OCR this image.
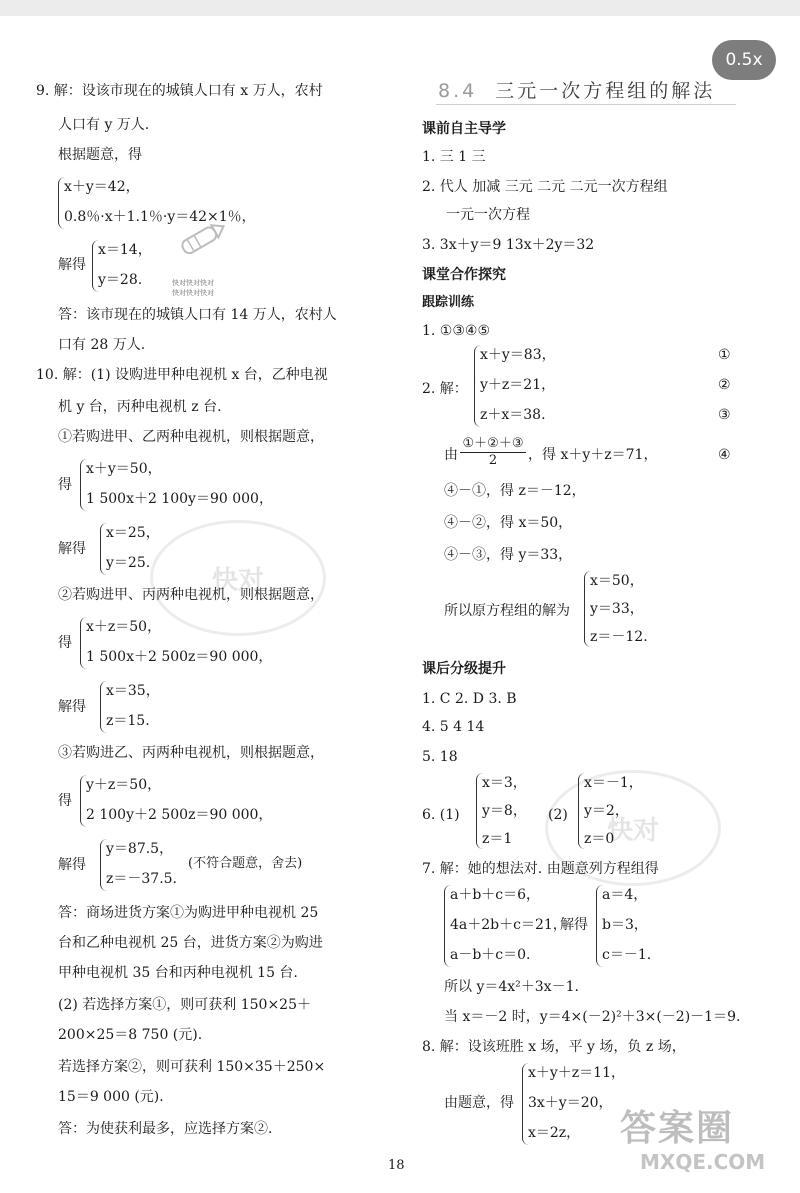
0.5x
快对
快对
快对快对快对
快对快对快对
9. 解：设该市现在的城镇人口有 x 万人，农村
人口有 y 万人.
根据题意，得
x＋y＝42，
0.8％·x＋1.1％·y＝42×1％，
解得
x＝14，
y＝28.
答：该市现在的城镇人口有 14 万人，农村人
口有 28 万人.
10. 解：(1) 设购进甲种电视机 x 台，乙种电视
机 y 台，丙种电视机 z 台.
①若购进甲、乙两种电视机，则根据题意，
得
x＋y＝50，
1 500x＋2 100y＝90 000，
解得
x＝25，
y＝25.
②若购进甲、丙两种电视机，则根据题意，
得
x＋z＝50，
1 500x＋2 500z＝90 000，
解得
x＝35，
z＝15.
③若购进乙、丙两种电视机，则根据题意，
得
y＋z＝50，
2 100y＋2 500z＝90 000，
解得
y＝87.5，
z＝－37.5.
(不符合题意，舍去)
答：商场进货方案①为购进甲种电视机 25
台和乙种电视机 25 台，进货方案②为购进
甲种电视机 35 台和丙种电视机 15 台.
(2) 若选择方案①，则可获利 150×25＋
200×25＝8 750 (元).
若选择方案②，则可获利 150×35＋250×
15＝9 000 (元).
答：为使获利最多，应选择方案②.
8.4 三元一次方程组的解法
课前自主导学
1. 三 1 三
2. 代人 加减 三元 二元 二元一次方程组
一元一次方程
3. 3x＋y＝9 13x＋2y＝32
课堂合作探究
跟踪训练
1. ①③④⑤
2. 解：
x＋y＝83，
y＋z＝21，
z＋x＝38.
①
②
③
由
①＋②＋③
2	，得 x＋y＋z＝71，	④
④－①，得 z＝－12，
④－②，得 x＝50，
④－③，得 y＝33，
所以原方程组的解为
x＝50，
y＝33，
z＝－12.
课后分级提升
1. C 2. D 3. B
4. 5 4 14
5. 18
6. (1)
x＝3，
y＝8，
z＝1
(2)
x＝－1，
y＝2，
z＝0
7. 解：她的想法对. 由题意列方程组得
a＋b＋c＝6，
4a＋2b＋c＝21，
a－b＋c＝0.
解得
a＝4，
b＝3，
c＝－1.
所以 y＝4x²＋3x－1.
当 x＝－2 时，y＝4×(－2)²＋3×(－2)－1＝9.
8. 解：设该班胜 x 场，平 y 场，负 z 场，
由题意，得
x＋y＋z＝11，
3x＋y＝20，
x＝2z， 答案圈
MXQE.COM
18
